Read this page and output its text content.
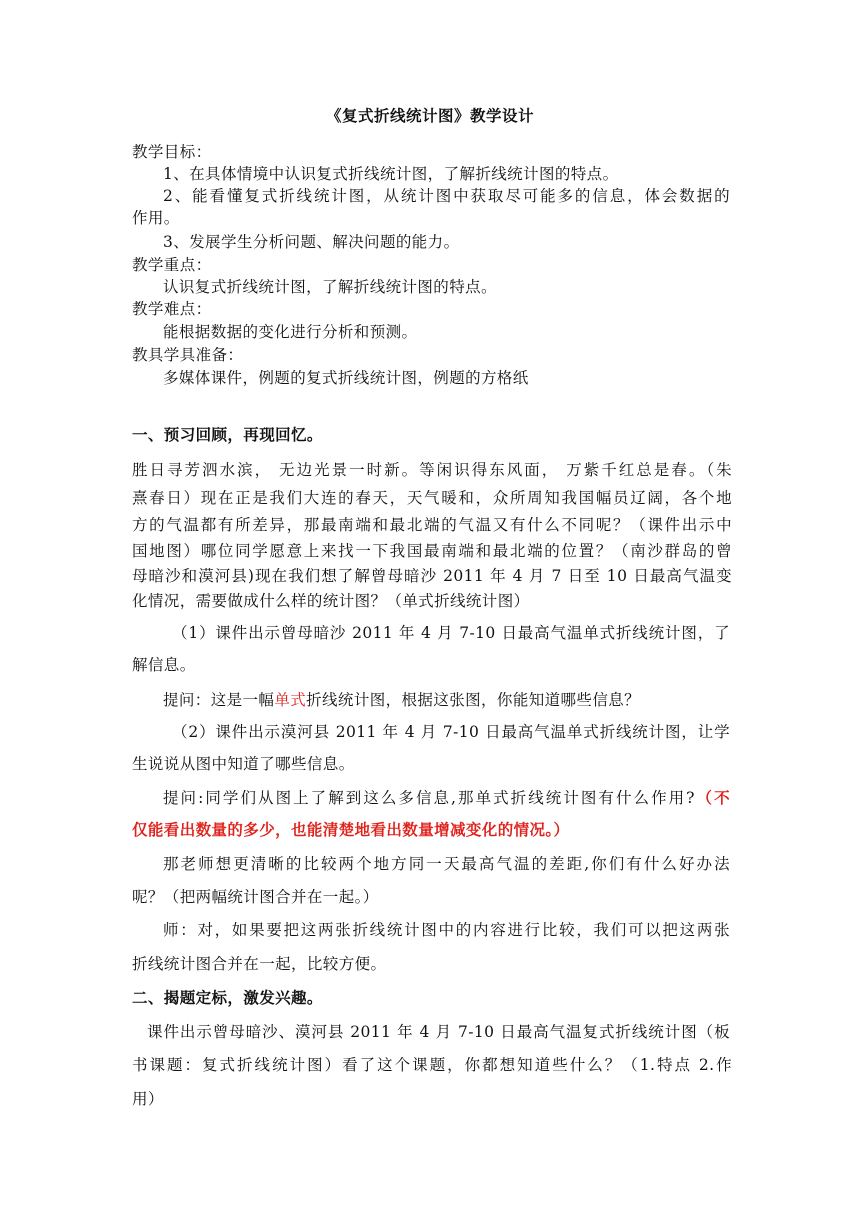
《复式折线统计图》教学设计
教学目标：
1、在具体情境中认识复式折线统计图，了解折线统计图的特点。
2、能看懂复式折线统计图，从统计图中获取尽可能多的信息，体会数据的
作用。
3、发展学生分析问题、解决问题的能力。
教学重点：
认识复式折线统计图，了解折线统计图的特点。
教学难点：
能根据数据的变化进行分析和预测。
教具学具准备：
多媒体课件，例题的复式折线统计图，例题的方格纸
一、预习回顾，再现回忆。
胜日寻芳泗水滨， 无边光景一时新。等闲识得东风面， 万紫千红总是春。（朱
熹春日）现在正是我们大连的春天，天气暖和，众所周知我国幅员辽阔，各个地
方的气温都有所差异，那最南端和最北端的气温又有什么不同呢？（课件出示中
国地图）哪位同学愿意上来找一下我国最南端和最北端的位置？（南沙群岛的曾
母暗沙和漠河县)现在我们想了解曾母暗沙 2011 年 4 月 7 日至 10 日最高气温变
化情况，需要做成什么样的统计图？（单式折线统计图）
（1）课件出示曾母暗沙 2011 年 4 月 7-10 日最高气温单式折线统计图，了
解信息。
提问：这是一幅单式折线统计图，根据这张图，你能知道哪些信息？
（2）课件出示漠河县 2011 年 4 月 7-10 日最高气温单式折线统计图，让学
生说说从图中知道了哪些信息。
提问:同学们从图上了解到这么多信息,那单式折线统计图有什么作用?（不
仅能看出数量的多少，也能清楚地看出数量增减变化的情况。）
那老师想更清晰的比较两个地方同一天最高气温的差距,你们有什么好办法
呢？（把两幅统计图合并在一起。）
师：对，如果要把这两张折线统计图中的内容进行比较，我们可以把这两张
折线统计图合并在一起，比较方便。
二、揭题定标，激发兴趣。
课件出示曾母暗沙、漠河县 2011 年 4 月 7-10 日最高气温复式折线统计图（板
书课题：复式折线统计图）看了这个课题，你都想知道些什么？（1.特点 2.作
用）
